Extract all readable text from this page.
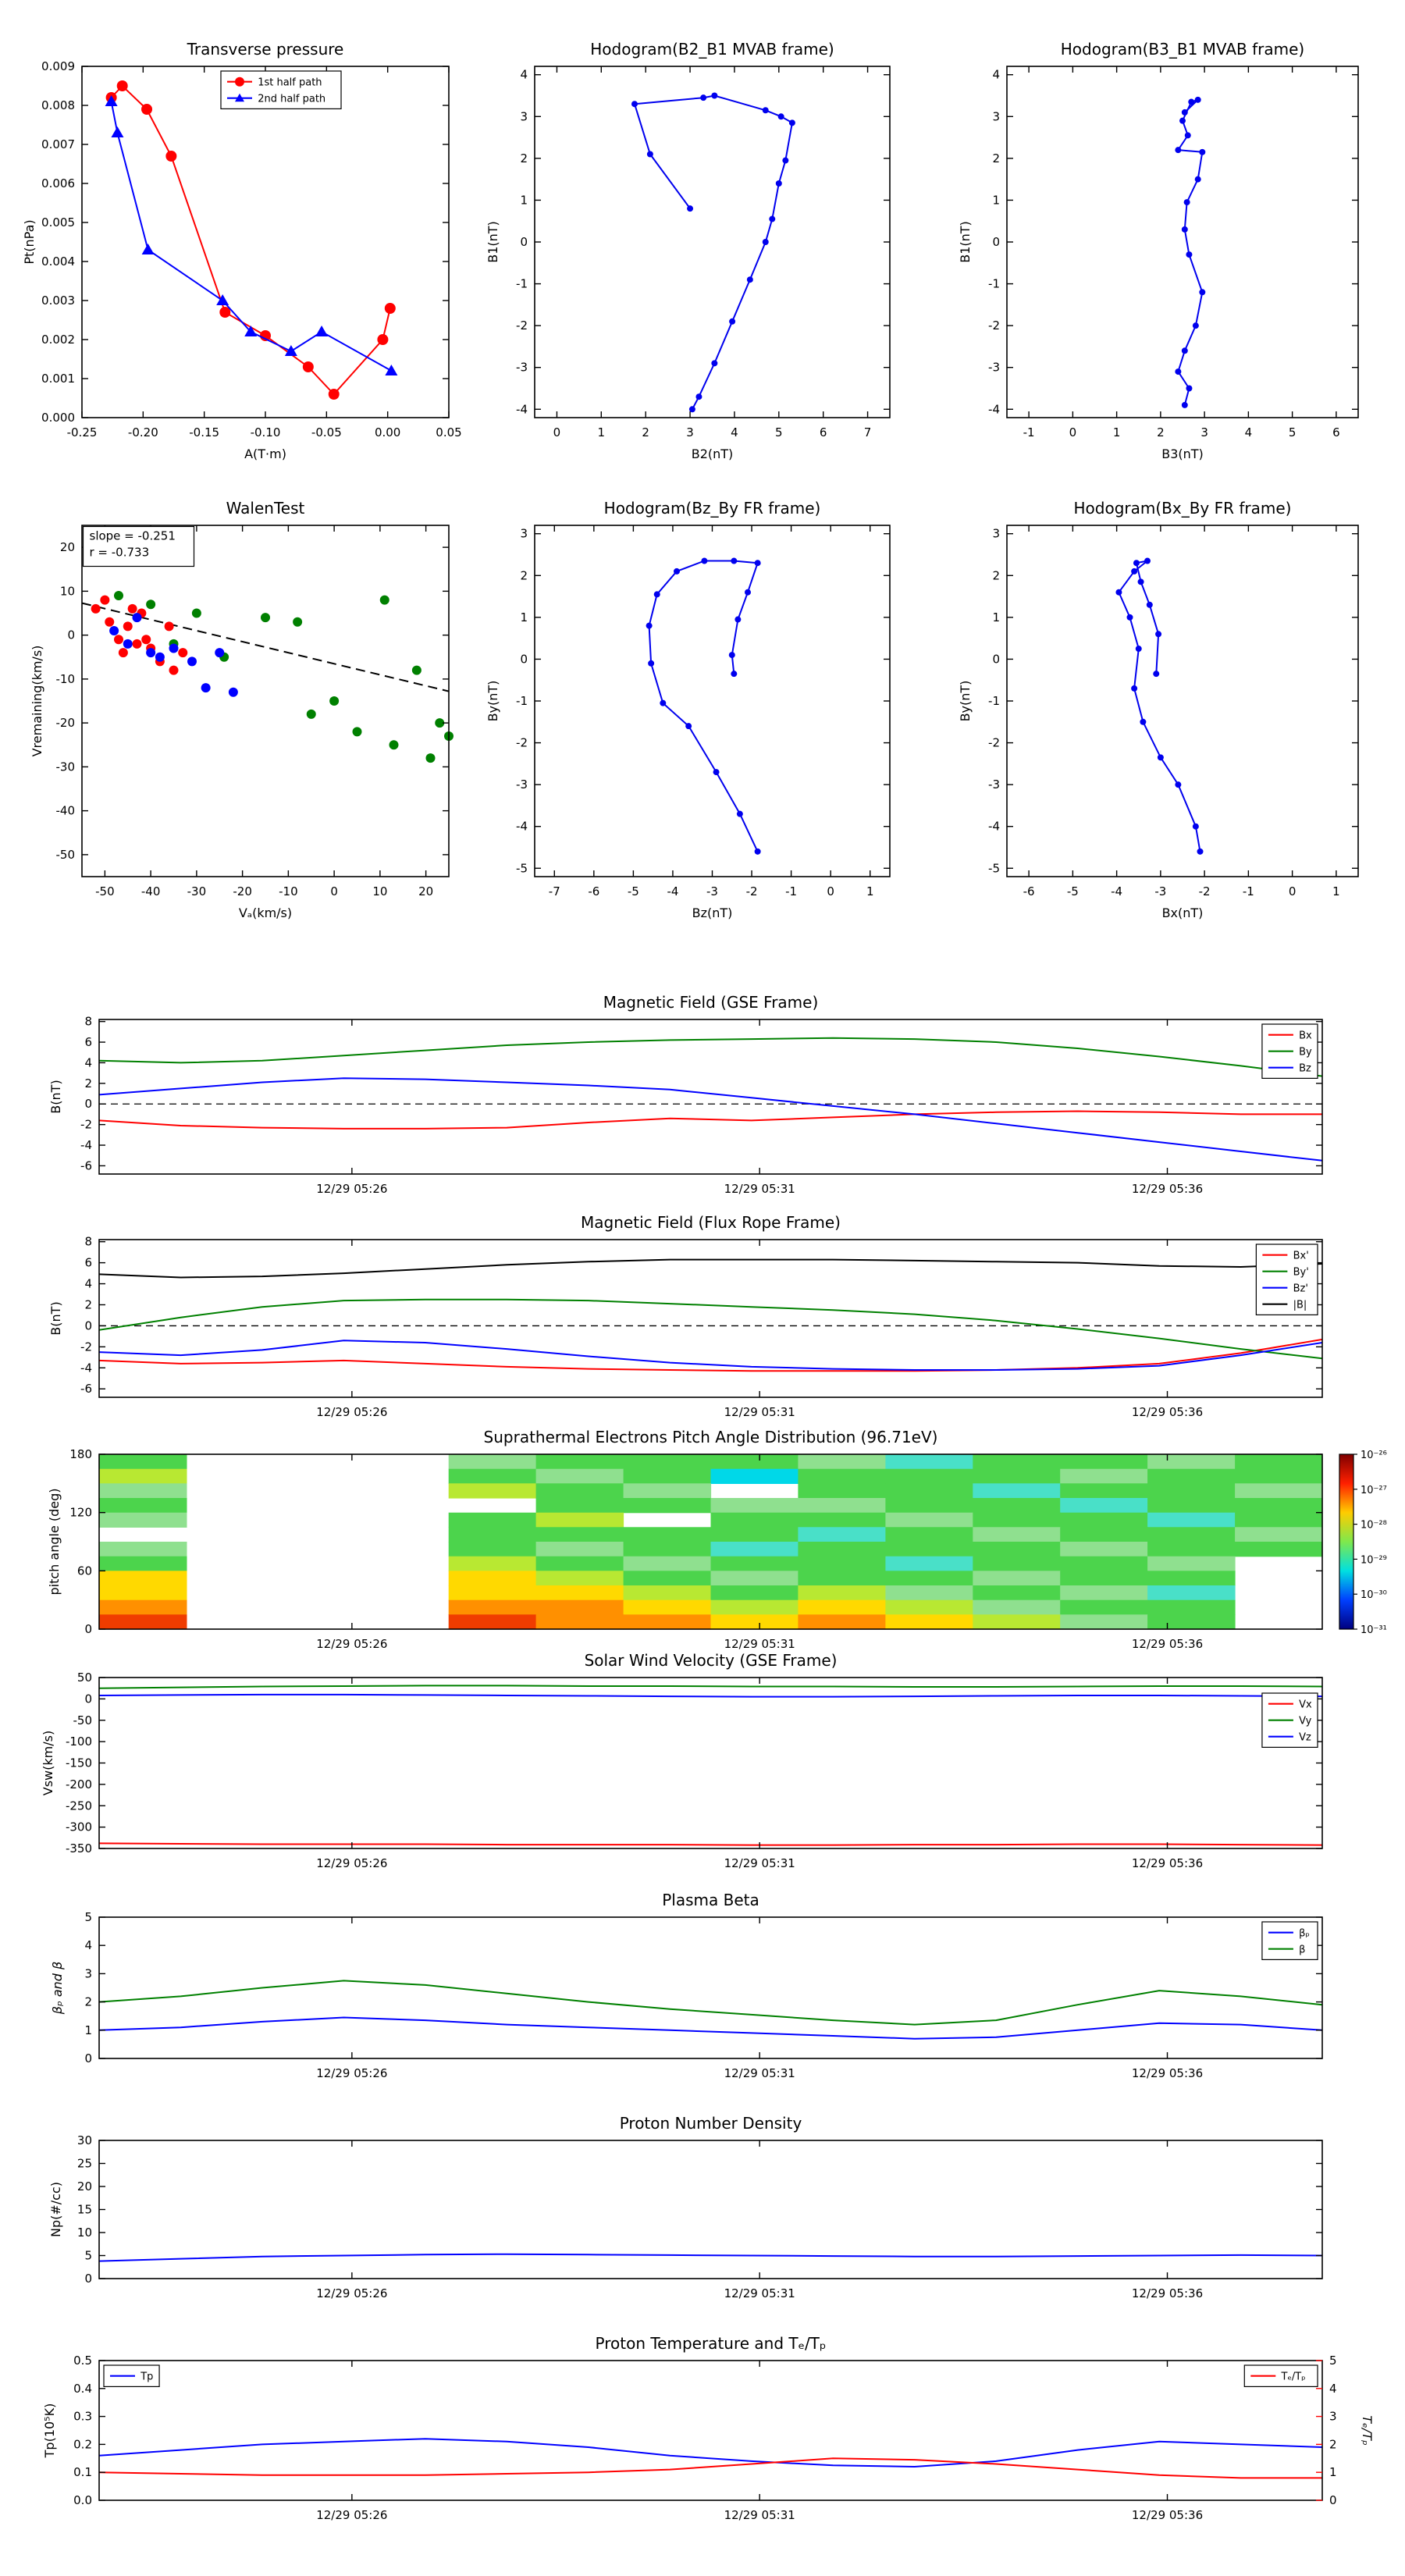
-0.25	-0.20	-0.15	-0.10	-0.05	0.00	0.05
0.000
0.001
0.002
0.003
0.004
0.005
0.006
0.007
0.008
0.009
Transverse pressure
A(T·m)
Pt(nPa)
1st half path
2nd half path
0	1	2	3	4	5	6	7
-4
-3
-2
-1
0
1
2
3
4
Hodogram(B2_B1 MVAB frame)
B2(nT)
B1(nT)
-1	0	1	2	3	4	5	6
-4
-3
-2
-1
0
1
2
3
4
Hodogram(B3_B1 MVAB frame)
B3(nT)
B1(nT)
-50 -40 -30 -20 -10	0	10	20
-50
-40
-30
-20
-10
0
10
20
WalenTest
Vₐ(km/s)
Vremaining(km/s)
slope = -0.251
r = -0.733
-7 -6 -5 -4 -3 -2 -1	0	1
-5
-4
-3
-2
-1
0
1
2
3
Hodogram(Bz_By FR frame)
Bz(nT)
By(nT)
-6	-5	-4	-3	-2	-1	0	1
-5
-4
-3
-2
-1
0
1
2
3
Hodogram(Bx_By FR frame)
Bx(nT)
By(nT)
12/29 05:26	12/29 05:31	12/29 05:36
-6
-4
-2
0
2
4
6
8
Magnetic Field (GSE Frame)
B(nT)
Bx
By
Bz
12/29 05:26	12/29 05:31	12/29 05:36
-6
-4
-2
0
2
4
6
8
Magnetic Field (Flux Rope Frame)
B(nT)
Bx'
By'
Bz'
|B|
12/29 05:26	12/29 05:31	12/29 05:36
0
60
120
180
Suprathermal Electrons Pitch Angle Distribution (96.71eV)
pitch angle (deg)
10⁻²⁶
10⁻²⁷
10⁻²⁸
10⁻²⁹
10⁻³⁰
10⁻³¹
12/29 05:26	12/29 05:31	12/29 05:36
50
0
-50
-100
-150
-200
-250
-300
-350
Solar Wind Velocity (GSE Frame)
Vsw(km/s)
Vx
Vy
Vz
12/29 05:26	12/29 05:31	12/29 05:36
0
1
2
3
4
5
Plasma Beta
βₚ and β
βₚ
β
12/29 05:26	12/29 05:31	12/29 05:36
0
5
10
15
20
25
30
Proton Number Density
Np(#/cc)
12/29 05:26	12/29 05:31	12/29 05:36
0.0
0.1
0.2
0.3
0.4
0.5
0
1
2
3
4
5
Proton Temperature and Tₑ/Tₚ
Tp(10⁵K)	Tₑ/Tₚ
Tp	Tₑ/Tₚ
